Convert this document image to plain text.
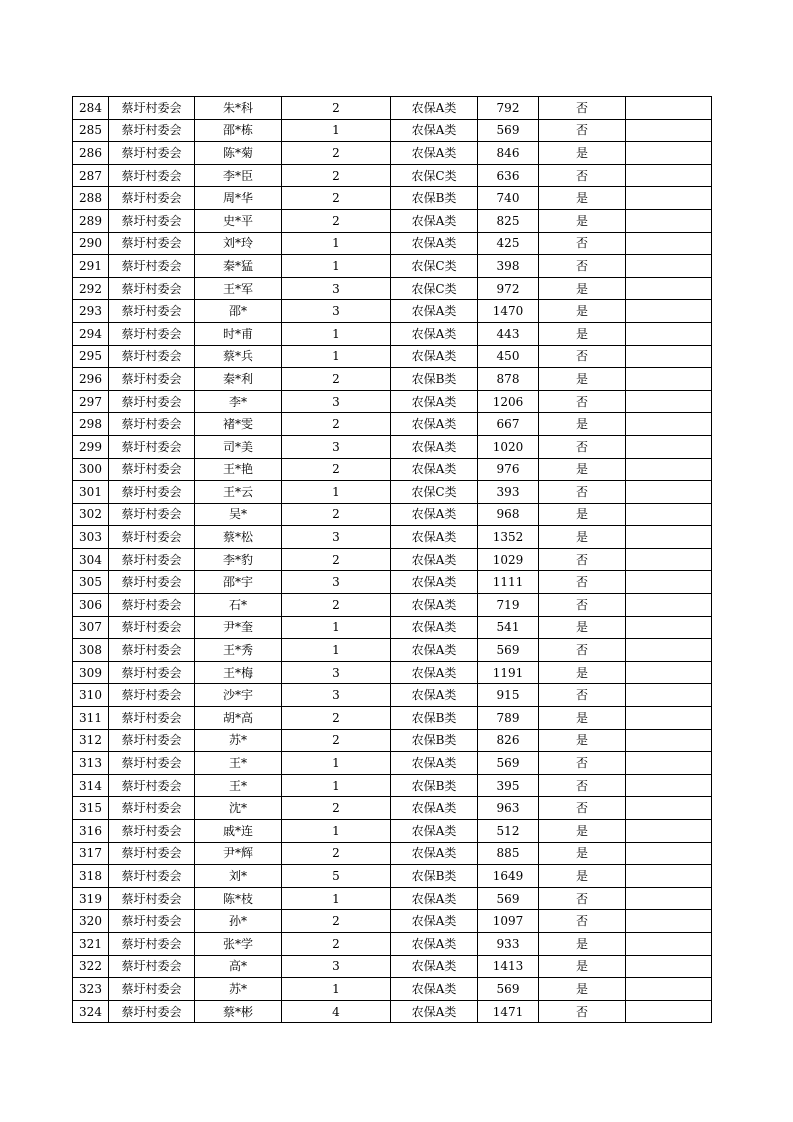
284	蔡圩村委会	朱*科	2	农保A类	792	否	
285	蔡圩村委会	邵*栋	1	农保A类	569	否	
286	蔡圩村委会	陈*菊	2	农保A类	846	是	
287	蔡圩村委会	李*臣	2	农保C类	636	否	
288	蔡圩村委会	周*华	2	农保B类	740	是	
289	蔡圩村委会	史*平	2	农保A类	825	是	
290	蔡圩村委会	刘*玲	1	农保A类	425	否	
291	蔡圩村委会	秦*猛	1	农保C类	398	否	
292	蔡圩村委会	王*军	3	农保C类	972	是	
293	蔡圩村委会	邵*	3	农保A类	1470	是	
294	蔡圩村委会	时*甫	1	农保A类	443	是	
295	蔡圩村委会	蔡*兵	1	农保A类	450	否	
296	蔡圩村委会	秦*利	2	农保B类	878	是	
297	蔡圩村委会	李*	3	农保A类	1206	否	
298	蔡圩村委会	褚*雯	2	农保A类	667	是	
299	蔡圩村委会	司*美	3	农保A类	1020	否	
300	蔡圩村委会	王*艳	2	农保A类	976	是	
301	蔡圩村委会	王*云	1	农保C类	393	否	
302	蔡圩村委会	吴*	2	农保A类	968	是	
303	蔡圩村委会	蔡*松	3	农保A类	1352	是	
304	蔡圩村委会	李*豹	2	农保A类	1029	否	
305	蔡圩村委会	邵*宇	3	农保A类	1111	否	
306	蔡圩村委会	石*	2	农保A类	719	否	
307	蔡圩村委会	尹*奎	1	农保A类	541	是	
308	蔡圩村委会	王*秀	1	农保A类	569	否	
309	蔡圩村委会	王*梅	3	农保A类	1191	是	
310	蔡圩村委会	沙*宇	3	农保A类	915	否	
311	蔡圩村委会	胡*高	2	农保B类	789	是	
312	蔡圩村委会	苏*	2	农保B类	826	是	
313	蔡圩村委会	王*	1	农保A类	569	否	
314	蔡圩村委会	王*	1	农保B类	395	否	
315	蔡圩村委会	沈*	2	农保A类	963	否	
316	蔡圩村委会	戚*连	1	农保A类	512	是	
317	蔡圩村委会	尹*辉	2	农保A类	885	是	
318	蔡圩村委会	刘*	5	农保B类	1649	是	
319	蔡圩村委会	陈*枝	1	农保A类	569	否	
320	蔡圩村委会	孙*	2	农保A类	1097	否	
321	蔡圩村委会	张*学	2	农保A类	933	是	
322	蔡圩村委会	高*	3	农保A类	1413	是	
323	蔡圩村委会	苏*	1	农保A类	569	是	
324	蔡圩村委会	蔡*彬	4	农保A类	1471	否	
